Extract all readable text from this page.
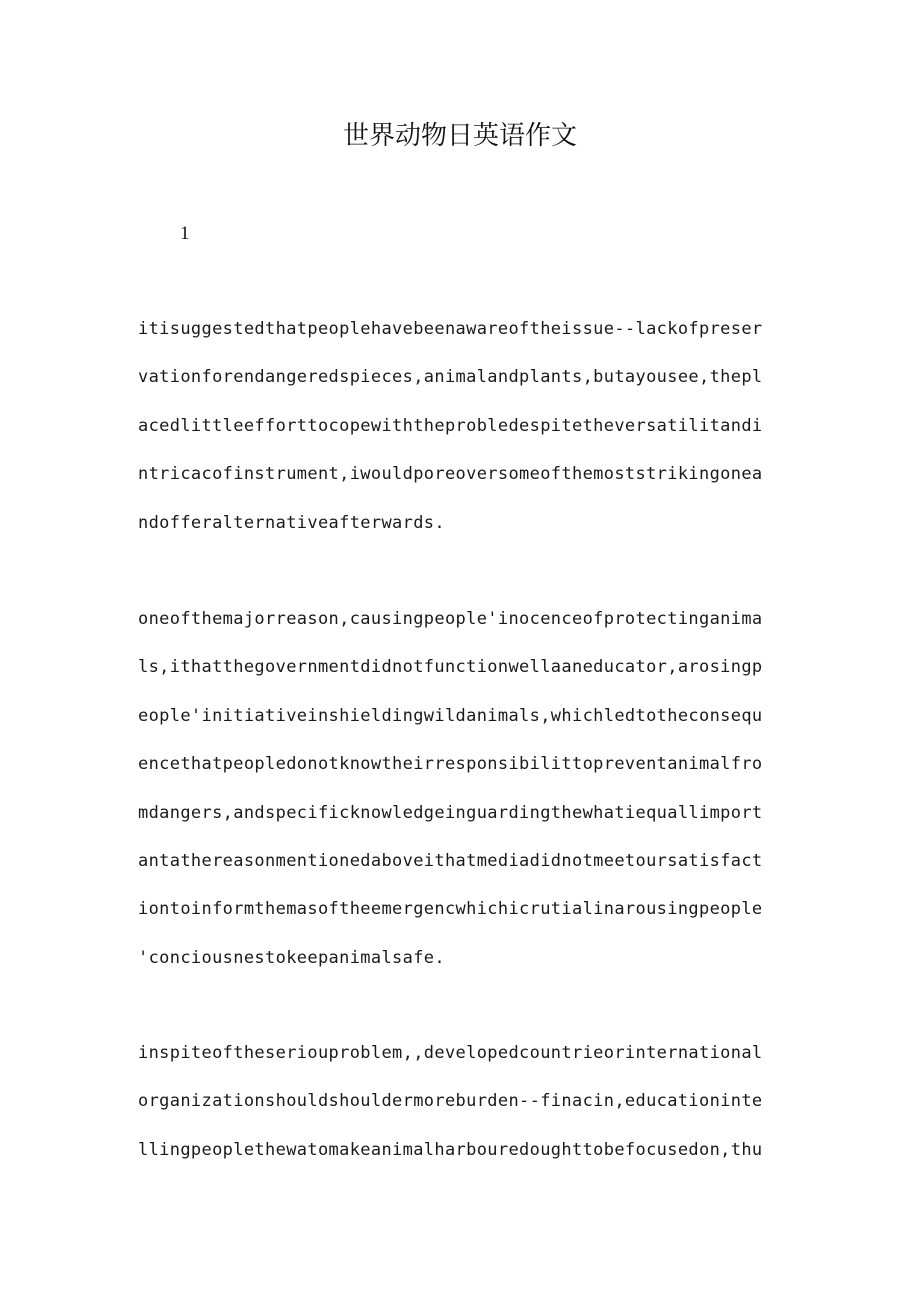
世界动物日英语作文
1
itisuggestedthatpeoplehavebeenawareoftheissue--lackofpreser
vationforendangeredspieces,animalandplants,butayousee,thepl
acedlittleefforttocopewiththeprobledespitetheversatilitandi
ntricacofinstrument,iwouldporeoversomeofthemoststrikingonea
ndofferalternativeafterwards.
oneofthemajorreason,causingpeople'inocenceofprotectinganima
ls,ithatthegovernmentdidnotfunctionwellaaneducator,arosingp
eople'initiativeinshieldingwildanimals,whichledtotheconsequ
encethatpeopledonotknowtheirresponsibilittopreventanimalfro
mdangers,andspecificknowledgeinguardingthewhatiequallimport
antathereasonmentionedaboveithatmediadidnotmeetoursatisfact
iontoinformthemasoftheemergencwhichicrutialinarousingpeople
'conciousnestokeepanimalsafe.
inspiteoftheseriouproblem,,developedcountrieorinternational
organizationshouldshouldermoreburden--finacin,educationinte
llingpeoplethewatomakeanimalharbouredoughttobefocusedon,thu
